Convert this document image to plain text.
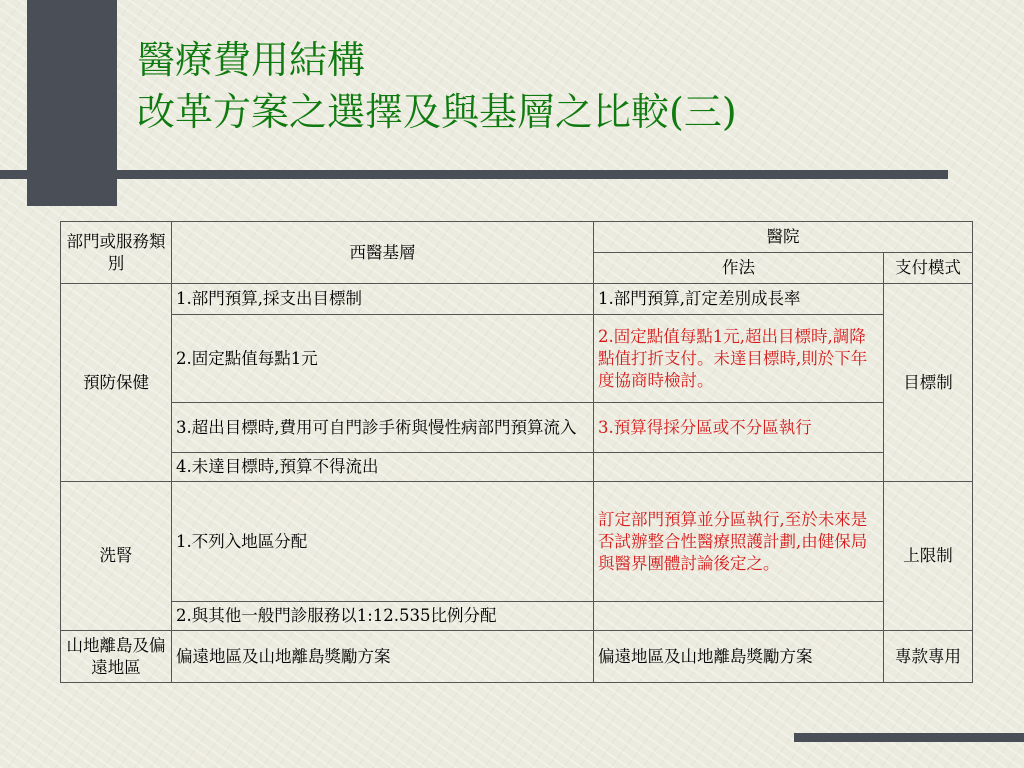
醫療費用結構
改革方案之選擇及與基層之比較(三)
部門或服務類別	西醫基層	醫院	
		作法	支付模式
預防保健	1.部門預算,採支出目標制	1.部門預算,訂定差別成長率	目標制
	2.固定點值每點1元	2.固定點值每點1元,超出目標時,調降點值打折支付。未達目標時,則於下年度協商時檢討。	
	3.超出目標時,費用可自門診手術與慢性病部門預算流入	3.預算得採分區或不分區執行	
	4.未達目標時,預算不得流出		
洗腎	1.不列入地區分配	訂定部門預算並分區執行,至於未來是否試辦整合性醫療照護計劃,由健保局與醫界團體討論後定之。	上限制
	2.與其他一般門診服務以1:12.535比例分配		
山地離島及偏遠地區	偏遠地區及山地離島獎勵方案	偏遠地區及山地離島獎勵方案	專款專用
